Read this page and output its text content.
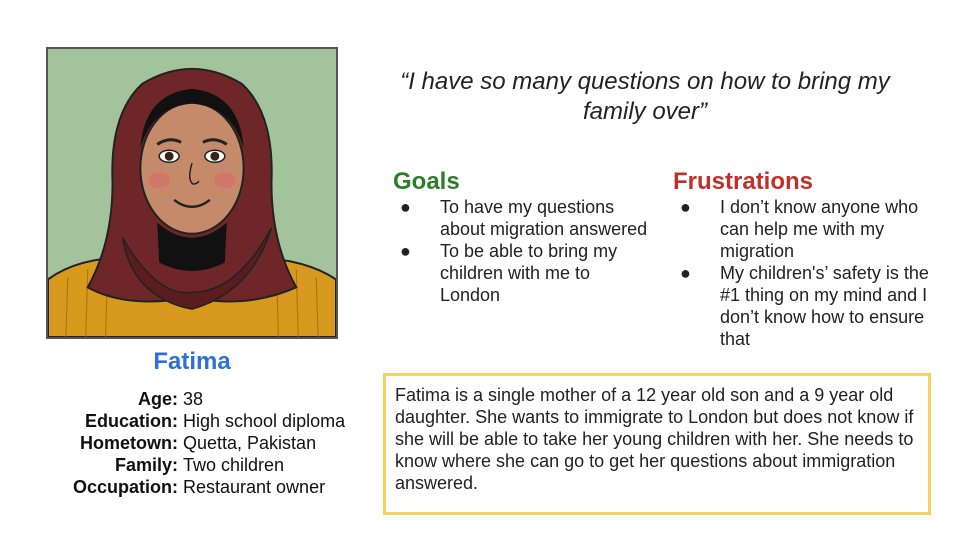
Fatima
Age: 38
Education: High school diploma
Hometown: Quetta, Pakistan
Family: Two children
Occupation: Restaurant owner
“I have so many questions on how to bring my family over”
Goals
● To have my questions about migration answered
● To be able to bring my children with me to London
Frustrations
● I don’t know anyone who can help me with my migration
● My children's’ safety is the #1 thing on my mind and I don’t know how to ensure that
Fatima is a single mother of a 12 year old son and a 9 year old daughter. She wants to immigrate to London but does not know if she will be able to take her young children with her. She needs to know where she can go to get her questions about immigration answered.
